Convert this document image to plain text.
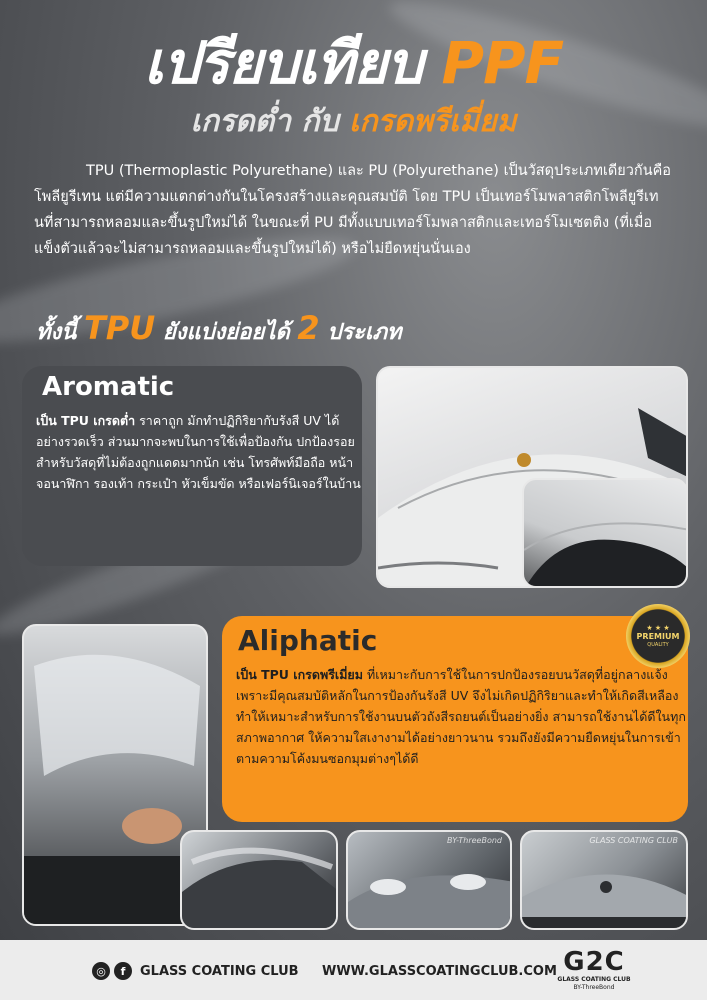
เปรียบเทียบ PPF
เกรดต่ำ กับ เกรดพรีเมี่ยม
TPU (Thermoplastic Polyurethane) และ PU (Polyurethane) เป็นวัสดุประเภทเดียวกันคือโพลียูรีเทน แต่มีความแตกต่างกันในโครงสร้างและคุณสมบัติ โดย TPU เป็นเทอร์โมพลาสติกโพลียูรีเทนที่สามารถหลอมและขึ้นรูปใหม่ได้ ในขณะที่ PU มีทั้งแบบเทอร์โมพลาสติกและเทอร์โมเซตติง (ที่เมื่อแข็งตัวแล้วจะไม่สามารถหลอมและขึ้นรูปใหม่ได้) หรือไม่ยืดหยุ่นนั่นเอง
ทั้งนี้ TPU ยังแบ่งย่อยได้ 2 ประเภท
Aromatic
เป็น TPU เกรดต่ำ ราคาถูก มักทำปฏิกิริยากับรังสี UV ได้อย่างรวดเร็ว ส่วนมากจะพบในการใช้เพื่อป้องกัน ปกป้องรอยสำหรับวัสดุที่ไม่ต้องถูกแดดมากนัก เช่น โทรศัพท์มือถือ หน้าจอนาฬิกา รองเท้า กระเป๋า หัวเข็มขัด หรือเฟอร์นิเจอร์ในบ้าน
Aliphatic
เป็น TPU เกรดพรีเมี่ยม ที่เหมาะกับการใช้ในการปกป้องรอยบนวัสดุที่อยู่กลางแจ้ง เพราะมีคุณสมบัติหลักในการป้องกันรังสี UV จึงไม่เกิดปฏิกิริยาและทำให้เกิดสีเหลือง ทำให้เหมาะสำหรับการใช้งานบนตัวถังสีรถยนต์เป็นอย่างยิ่ง สามารถใช้งานได้ดีในทุกสภาพอากาศ ให้ความใสเงางามได้อย่างยาวนาน รวมถึงยังมีความยืดหยุ่นในการเข้าตามความโค้งมนซอกมุมต่างๆได้ดี
★ ★ ★
PREMIUM
QUALITY
BY-ThreeBond	GLASS COATING CLUB
◎	f	GLASS COATING CLUB WWW.GLASSCOATINGCLUB.COM G2C
GLASS COATING CLUB
BY-ThreeBond
